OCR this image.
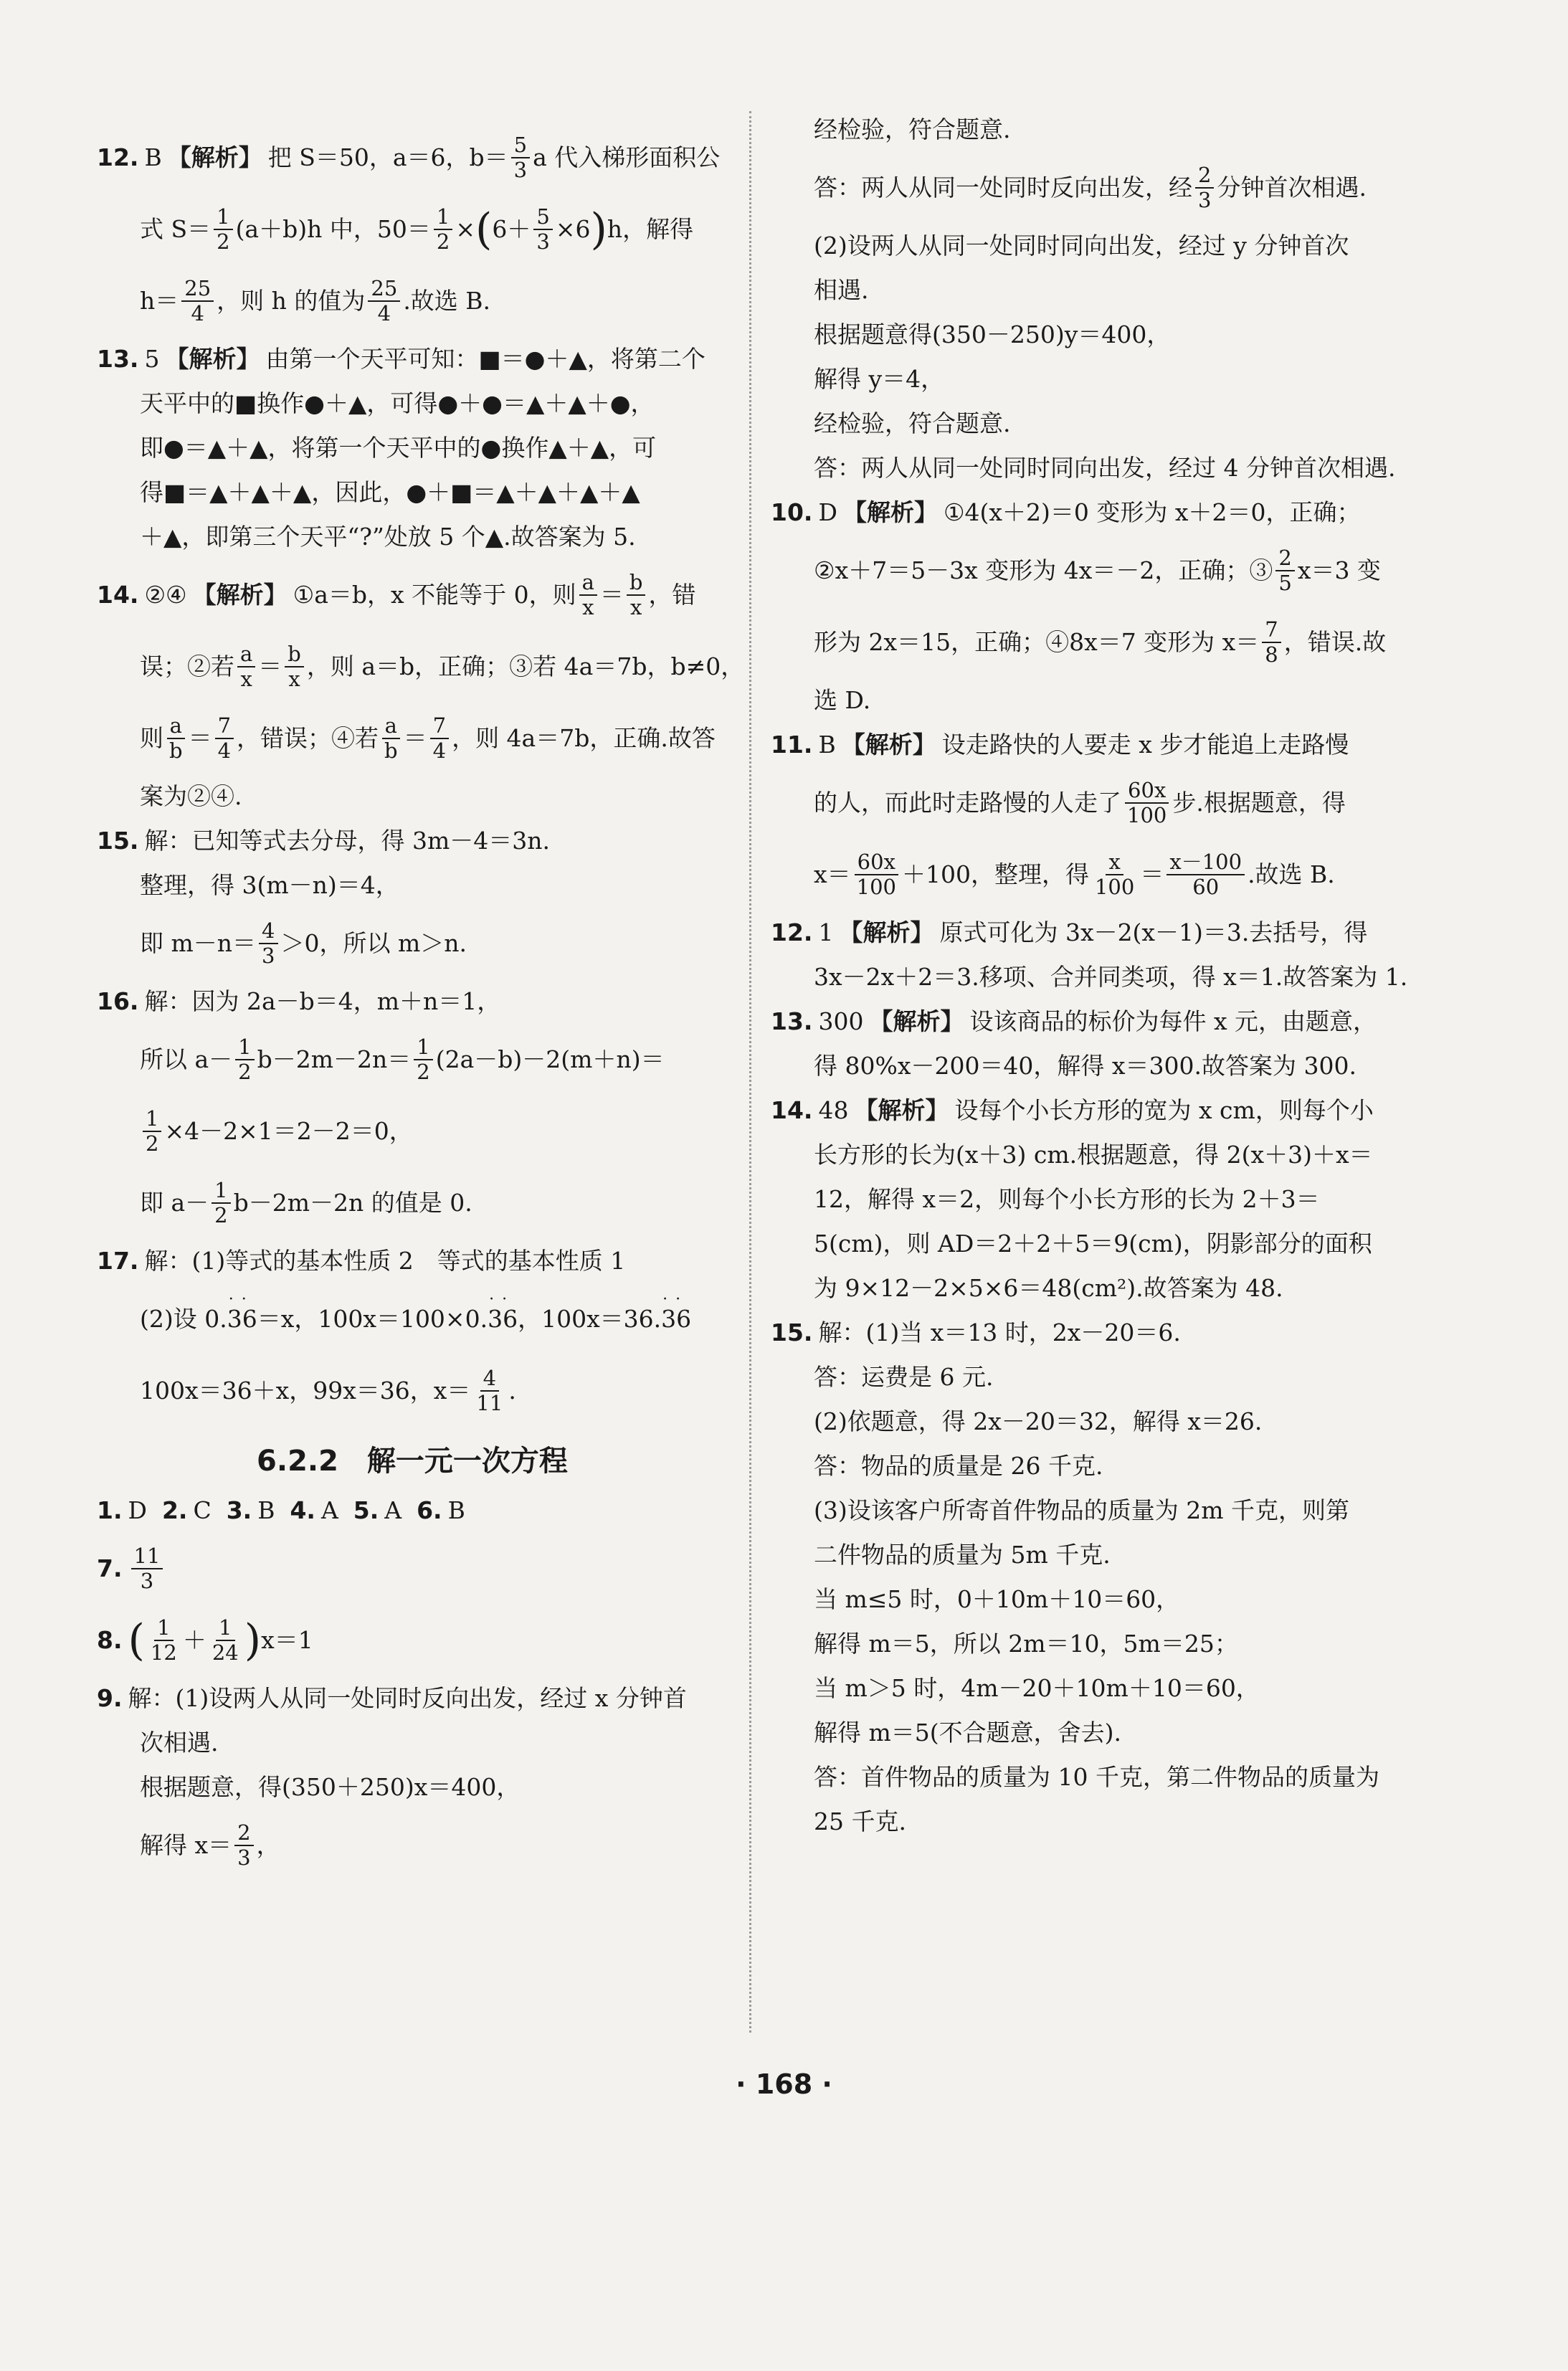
12. B 【解析】 把 S＝50，a＝6，$b= \frac{5}{3}$ a 代入梯形面积公
式 $S= \frac{1}{2} (a+b)h$ 中，$50= \frac{1}{2}$ × ( $6+ \frac{5}{3} \times 6$ ) h，解得
$h= \frac{25}{4}$ ，则 h 的值为 $\frac{25}{4}$ .故选 B.
13. 5 【解析】 由第一个天平可知：■＝●＋▲，将第二个
天平中的■换作●＋▲，可得●＋●＝▲＋▲＋●，
即●＝▲＋▲，将第一个天平中的●换作▲＋▲，可
得■＝▲＋▲＋▲，因此，●＋■＝▲＋▲＋▲＋▲
＋▲，即第三个天平“?”处放 5 个▲.故答案为 5.
14. ②④ 【解析】 ①a＝b，x 不能等于 0，则 $\frac{a}{x} = \frac{b}{x}$ ，错
误；②若 $\frac{a}{x} = \frac{b}{x}$ ，则 a＝b，正确；③若 4a＝7b，b≠0，
则 $\frac{a}{b} = \frac{7}{4}$ ，错误；④若 $\frac{a}{b} = \frac{7}{4}$ ，则 4a＝7b，正确.故答
案为②④.
15. 解：已知等式去分母，得 3m－4＝3n.
整理，得 3(m－n)＝4，
即 $m-n= \frac{4}{3} >0$，所以 m＞n.
16. 解：因为 2a－b＝4，m＋n＝1，
所以 $a- \frac{1}{2} b-2m-2n= \frac{1}{2} (2a-b)-2(m+n)=$
$\frac{1}{2} \times 4-2\times 1=2-2=0$，
即 $a- \frac{1}{2} b-2m-2n$ 的值是 0.
17. 解：(1)等式的基本性质 2　等式的基本性质 1
(2)设 0. · · 36 ＝x，100x＝100×0. · · 36 ，100x＝36. · · 36
100x＝36＋x，99x＝36，$x= \frac{4}{11}$ .
6.2.2　解一元一次方程
1. D
2. C
3. B
4. A
5. A
6. B
7. $\frac{11}{3}$
8. ( $\frac{1}{12} + \frac{1}{24}$ ) x＝1
9. 解：(1)设两人从同一处同时反向出发，经过 x 分钟首
次相遇.
根据题意，得(350＋250)x＝400，
解得 $x= \frac{2}{3}$ ，
经检验，符合题意.
答：两人从同一处同时反向出发，经 $\frac{2}{3}$ 分钟首次相遇.
(2)设两人从同一处同时同向出发，经过 y 分钟首次
相遇.
根据题意得(350－250)y＝400，
解得 y＝4，
经检验，符合题意.
答：两人从同一处同时同向出发，经过 4 分钟首次相遇.
10. D 【解析】 ①4(x＋2)＝0 变形为 x＋2＝0，正确；
②x＋7＝5－3x 变形为 4x＝－2，正确；③ $\frac{2}{5} x=3$ 变
形为 2x＝15，正确；④8x＝7 变形为 $x= \frac{7}{8}$ ，错误.故
选 D.
11. B 【解析】 设走路快的人要走 x 步才能追上走路慢
的人，而此时走路慢的人走了 $\frac{60x}{100}$ 步.根据题意，得
$x= \frac{60x}{100} +100$，整理，得 $\frac{x}{100} = \frac{x-100}{60}$ .故选 B.
12. 1 【解析】 原式可化为 3x－2(x－1)＝3.去括号，得
3x－2x＋2＝3.移项、合并同类项，得 x＝1.故答案为 1.
13. 300 【解析】 设该商品的标价为每件 x 元，由题意，
得 80%x－200＝40，解得 x＝300.故答案为 300.
14. 48 【解析】 设每个小长方形的宽为 x cm，则每个小
长方形的长为(x＋3) cm.根据题意，得 2(x＋3)＋x＝
12，解得 x＝2，则每个小长方形的长为 2＋3＝
5(cm)，则 AD＝2＋2＋5＝9(cm)，阴影部分的面积
为 9×12－2×5×6＝48(cm²).故答案为 48.
15. 解：(1)当 x＝13 时，2x－20＝6.
答：运费是 6 元.
(2)依题意，得 2x－20＝32，解得 x＝26.
答：物品的质量是 26 千克.
(3)设该客户所寄首件物品的质量为 2m 千克，则第
二件物品的质量为 5m 千克.
当 m≤5 时，0＋10m＋10＝60，
解得 m＝5，所以 2m＝10，5m＝25；
当 m＞5 时，4m－20＋10m＋10＝60，
解得 m＝5(不合题意，舍去).
答：首件物品的质量为 10 千克，第二件物品的质量为
25 千克.
· 168 ·
